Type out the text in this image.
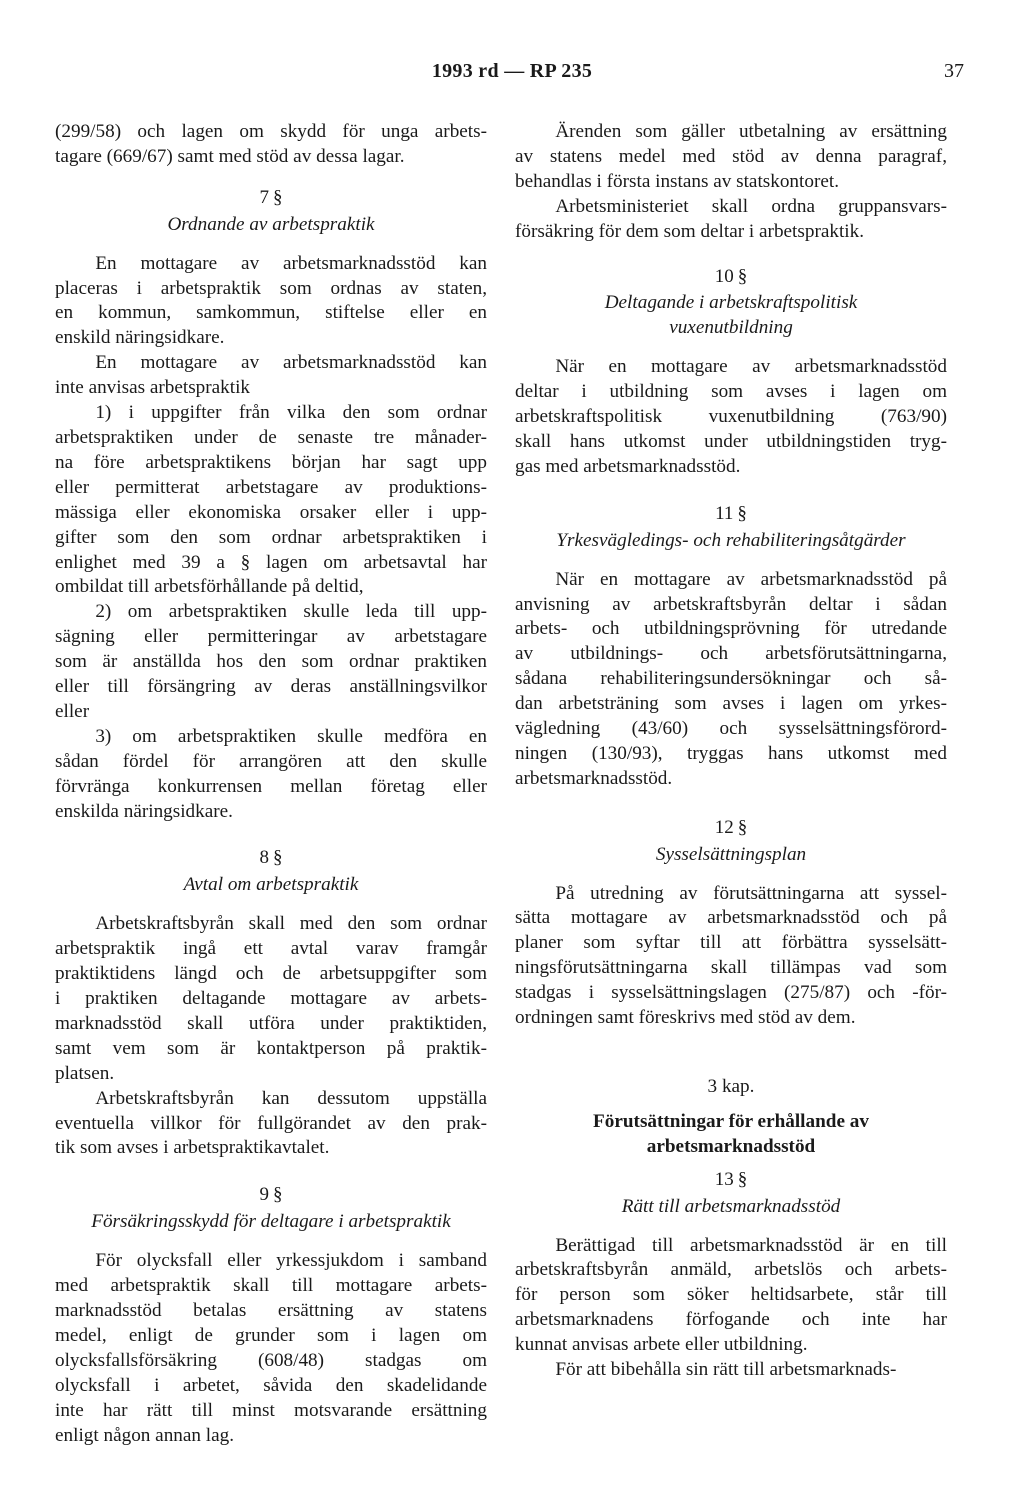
1993 rd — RP 235	37
(299/58) och lagen om skydd för unga arbets-
tagare (669/67) samt med stöd av dessa lagar.
7 §
Ordnande av arbetspraktik
En mottagare av arbetsmarknadsstöd kan
placeras i arbetspraktik som ordnas av staten,
en kommun, samkommun, stiftelse eller en
enskild näringsidkare.
En mottagare av arbetsmarknadsstöd kan
inte anvisas arbetspraktik
1) i uppgifter från vilka den som ordnar
arbetspraktiken under de senaste tre månader-
na före arbetspraktikens början har sagt upp
eller permitterat arbetstagare av produktions-
mässiga eller ekonomiska orsaker eller i upp-
gifter som den som ordnar arbetspraktiken i
enlighet med 39 a § lagen om arbetsavtal har
ombildat till arbetsförhållande på deltid,
2) om arbetspraktiken skulle leda till upp-
sägning eller permitteringar av arbetstagare
som är anställda hos den som ordnar praktiken
eller till försängring av deras anställningsvilkor
eller
3) om arbetspraktiken skulle medföra en
sådan fördel för arrangören att den skulle
förvränga konkurrensen mellan företag eller
enskilda näringsidkare.
8 §
Avtal om arbetspraktik
Arbetskraftsbyrån skall med den som ordnar
arbetspraktik ingå ett avtal varav framgår
praktiktidens längd och de arbetsuppgifter som
i praktiken deltagande mottagare av arbets-
marknadsstöd skall utföra under praktiktiden,
samt vem som är kontaktperson på praktik-
platsen.
Arbetskraftsbyrån kan dessutom uppställa
eventuella villkor för fullgörandet av den prak-
tik som avses i arbetspraktikavtalet.
9 §
Försäkringsskydd för deltagare i arbetspraktik
För olycksfall eller yrkessjukdom i samband
med arbetspraktik skall till mottagare arbets-
marknadsstöd betalas ersättning av statens
medel, enligt de grunder som i lagen om
olycksfallsförsäkring (608/48) stadgas om
olycksfall i arbetet, såvida den skadelidande
inte har rätt till minst motsvarande ersättning
enligt någon annan lag.
Ärenden som gäller utbetalning av ersättning
av statens medel med stöd av denna paragraf,
behandlas i första instans av statskontoret.
Arbetsministeriet skall ordna gruppansvars-
försäkring för dem som deltar i arbetspraktik.
10 §
Deltagande i arbetskraftspolitisk
vuxenutbildning
När en mottagare av arbetsmarknadsstöd
deltar i utbildning som avses i lagen om
arbetskraftspolitisk vuxenutbildning (763/90)
skall hans utkomst under utbildningstiden tryg-
gas med arbetsmarknadsstöd.
11 §
Yrkesvägledings- och rehabiliteringsåtgärder
När en mottagare av arbetsmarknadsstöd på
anvisning av arbetskraftsbyrån deltar i sådan
arbets- och utbildningsprövning för utredande
av utbildnings- och arbetsförutsättningarna,
sådana rehabiliteringsundersökningar och så-
dan arbetsträning som avses i lagen om yrkes-
vägledning (43/60) och sysselsättningsförord-
ningen (130/93), tryggas hans utkomst med
arbetsmarknadsstöd.
12 §
Sysselsättningsplan
På utredning av förutsättningarna att syssel-
sätta mottagare av arbetsmarknadsstöd och på
planer som syftar till att förbättra sysselsätt-
ningsförutsättningarna skall tillämpas vad som
stadgas i sysselsättningslagen (275/87) och -för-
ordningen samt föreskrivs med stöd av dem.
3 kap.
Förutsättningar för erhållande av
arbetsmarknadsstöd
13 §
Rätt till arbetsmarknadsstöd
Berättigad till arbetsmarknadsstöd är en till
arbetskraftsbyrån anmäld, arbetslös och arbets-
för person som söker heltidsarbete, står till
arbetsmarknadens förfogande och inte har
kunnat anvisas arbete eller utbildning.
För att bibehålla sin rätt till arbetsmarknads-
